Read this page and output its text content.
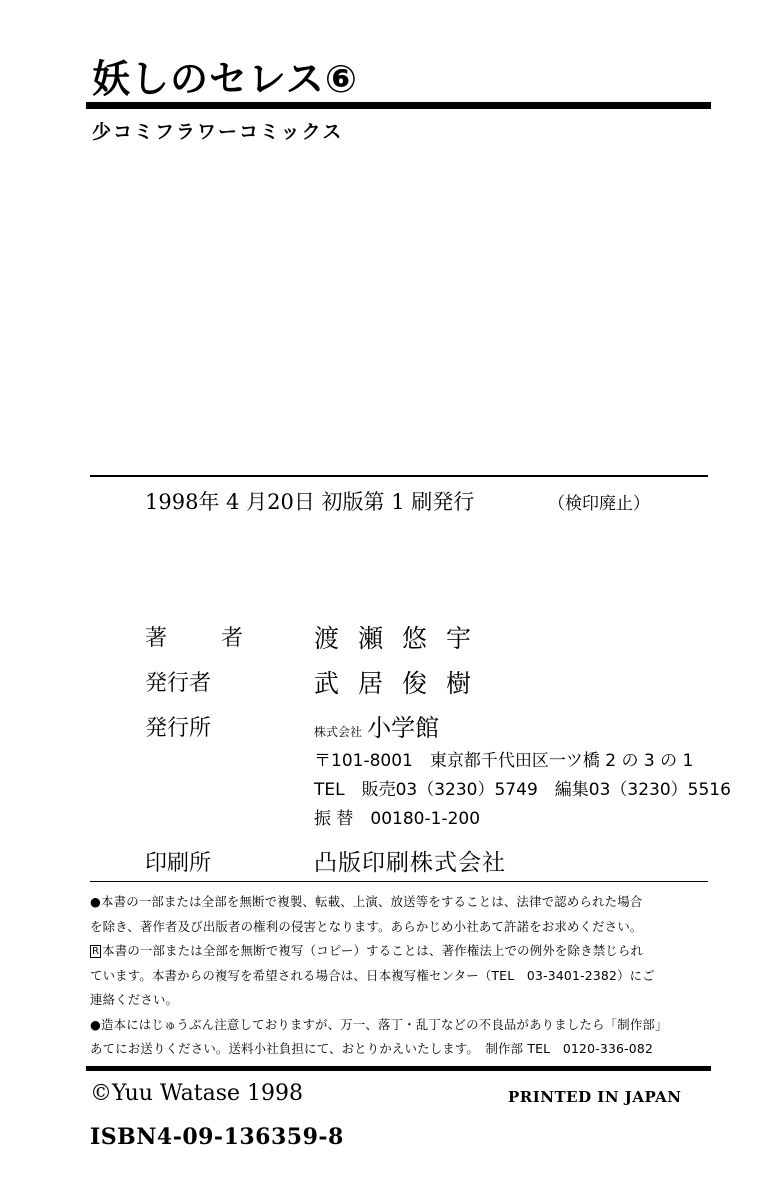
妖しのセレス⑥
少コミフラワーコミックス
1998年 4 月20日 初版第 1 刷発行	（検印廃止）
著　者 渡瀬悠宇
発行者	武居俊樹
発行所	株式会社 小学館
〒101-8001　東京都千代田区一ツ橋 2 の 3 の 1
TEL　販売03（3230）5749　編集03（3230）5516
振 替　00180-1-200
印刷所	凸版印刷株式会社
●本書の一部または全部を無断で複製、転載、上演、放送等をすることは、法律で認められた場合
を除き、著作者及び出版者の権利の侵害となります。あらかじめ小社あて許諾をお求めください。
R 本書の一部または全部を無断で複写（コピー）することは、著作権法上での例外を除き禁じられ
ています。本書からの複写を希望される場合は、日本複写権センター（TEL　03-3401-2382）にご
連絡ください。
●造本にはじゅうぶん注意しておりますが、万一、落丁・乱丁などの不良品がありましたら「制作部」
あてにお送りください。送料小社負担にて、おとりかえいたします。　制作部 TEL　0120-336-082
©Yuu Watase 1998	PRINTED IN JAPAN
ISBN4-09-136359-8
